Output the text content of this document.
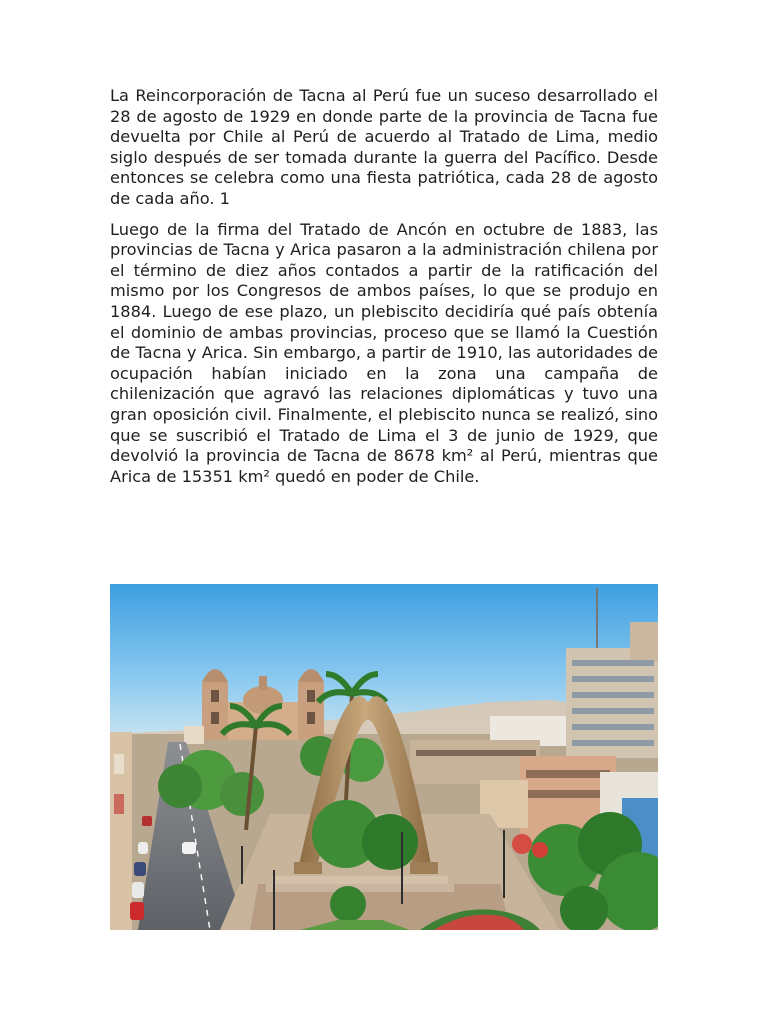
La Reincorporación de Tacna al Perú fue un suceso desarrollado el 28 de agosto de 1929 en donde parte de la provincia de Tacna fue devuelta por Chile al Perú de acuerdo al Tratado de Lima, medio siglo después de ser tomada durante la guerra del Pacífico. Desde entonces se celebra como una fiesta patriótica, cada 28 de agosto de cada año. 1

Luego de la firma del Tratado de Ancón en octubre de 1883, las provincias de Tacna y Arica pasaron a la administración chilena por el término de diez años contados a partir de la ratificación del mismo por los Congresos de ambos países, lo que se produjo en 1884. Luego de ese plazo, un plebiscito decidiría qué país obtenía el dominio de ambas provincias, proceso que se llamó la Cuestión de Tacna y Arica. Sin embargo, a partir de 1910, las autoridades de ocupación habían iniciado en la zona una campaña de chilenización que agravó las relaciones diplomáticas y tuvo una gran oposición civil. Finalmente, el plebiscito nunca se realizó, sino que se suscribió el Tratado de Lima el 3 de junio de 1929, que devolvió la provincia de Tacna de 8678 km² al Perú, mientras que Arica de 15351 km² quedó en poder de Chile.
